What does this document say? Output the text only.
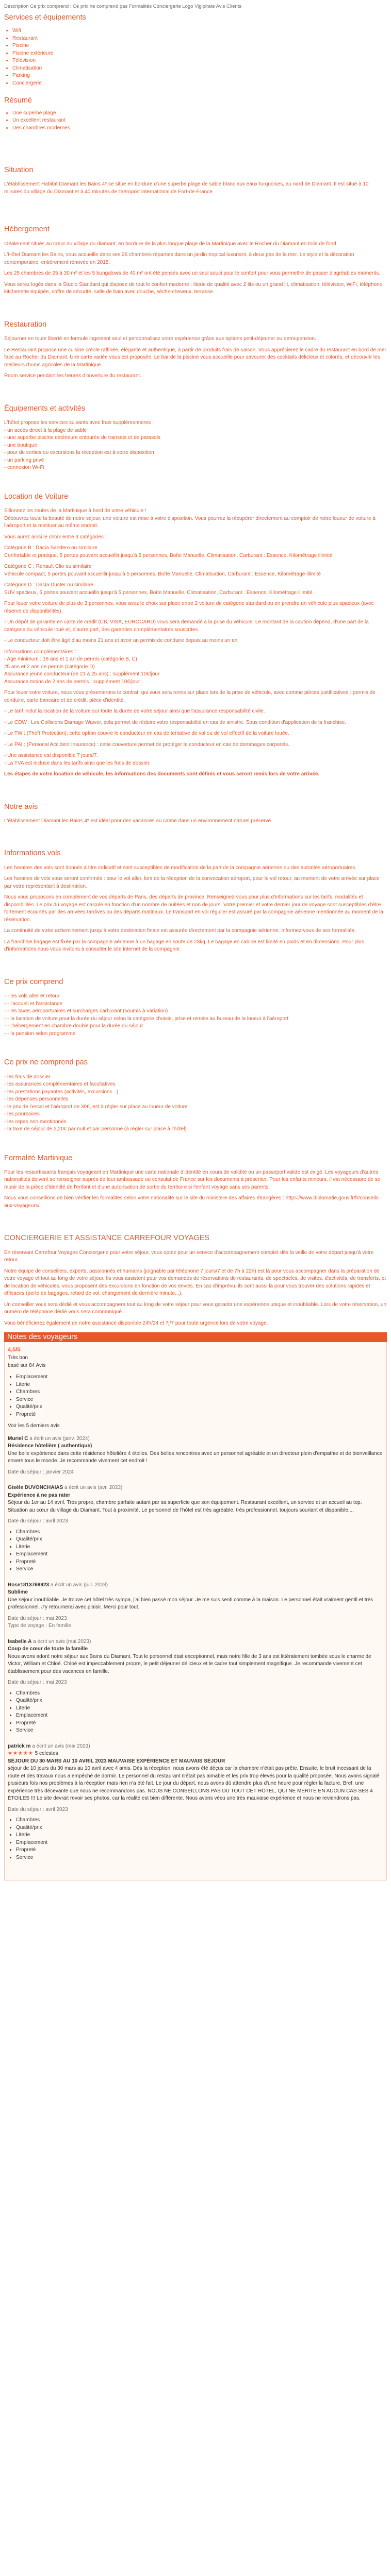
Description Ce prix comprend : Ce prix ne comprend pas Formalités Conciergerie Logo Vigipirate Avis Clients

Services et équipements
• Wifi
• Restaurant
• Piscine
• Piscine extérieure
• Télévision
• Climatisation
• Parking
• Conciergerie
Résumé
• Une superbe plage
• Un excellent restaurant
• Des chambres modernes
Situation

L'établissement Habitat Diamant les Bains 4* se situe en bordure d'une superbe plage de sable blanc aux eaux turquoises, au nord de Diamant. Il est situé à 10 minutes du village du Diamant et à 40 minutes de l'aéroport international de Fort-de-France.

Hébergement

Idéalement situés au cœur du village du diamant, en bordure de la plus longue plage de la Martinique avec le Rocher du Diamant en toile de fond.

L'Hôtel Diamant les Bains, vous accueille dans ses 26 chambres réparties dans un jardin tropical luxuriant, à deux pas de la mer. Le style et la décoration contemporaine, entièrement rénovée en 2018.

Les 25 chambres de 25 à 30 m² et les 5 bungalows de 40 m² ont été pensés avec un seul souci pour le confort pour vous permettre de passer d'agréables moments.

Vous serez logés dans la Studio Standard qui dispose de tout le confort moderne : literie de qualité avec 2 lits ou un grand lit, climatisation, télévision, WiFi, téléphone, kitchenette équipée, coffre de sécurité, salle de bain avec douche, sèche-cheveux, terrasse.

Restauration

Séjourner en toute liberté en formule logement seul et personnalisez votre expérience grâce aux options petit-déjeuner ou demi-pension.

Le Restaurant propose une cuisine créole raffinée, élégante et authentique, à partir de produits frais de saison. Vous apprécierez le cadre du restaurant en bord de mer face au Rocher du Diamant. Une carte variée vous est proposée. Le bar de la piscine vous accueille pour savourer des cocktails délicieux et colorés, et découvrir les meilleurs rhums agricoles de la Martinique.

Room service pendant les heures d'ouverture du restaurant.

Équipements et activités

L'hôtel propose les services suivants avec frais supplémentaires :

- un accès direct à la plage de sable
- une superbe piscine extérieure entourée de transats et de parasols
- une boutique
- pour de sorties ou excursions la réception est à votre disposition
- un parking privé
- connexion Wi-Fi
Location de Voiture

Sillonnez les routes de la Martinique à bord de votre véhicule !

Découvrez toute la beauté de notre séjour, une voiture est mise à votre disposition. Vous pourrez la récupérer directement au comptoir de notre loueur de voiture à l'aéroport et la restituer au même endroit.

Vous aurez ainsi le choix entre 3 catégories :

Catégorie B : Dacia Sandero ou similaire

Confortable et pratique, 5 portes pouvant accueillir jusqu'à 5 personnes, Boîte Manuelle, Climatisation, Carburant : Essence, Kilométrage illimité

Catégorie C : Renault Clio ou similaire

Véhicule compact, 5 portes pouvant accueillir jusqu'à 5 personnes, Boîte Manuelle, Climatisation, Carburant : Essence, Kilométrage illimité

Catégorie D : Dacia Duster ou similaire

SUV spacieux, 5 portes pouvant accueillir jusqu'à 5 personnes, Boîte Manuelle, Climatisation, Carburant : Essence, Kilométrage illimité

Pour louer votre voiture de plus de 3 personnes, vous avez le choix sur place entre 2 voiture de catégorie standard ou en prendre un véhicule plus spacieux (avec réserve de disponibilités).

- Un dépôt de garantie en carte de crédit (CB, VISA, EUROCARD) vous sera demandé à la prise du véhicule. Le montant de la caution dépend, d'une part de la catégorie du véhicule loué et, d'autre part, des garanties complémentaires souscrites.

- Le conducteur doit être âgé d'au moins 21 ans et avoir un permis de conduire depuis au moins un an.

Informations complémentaires :

- Age minimum : 18 ans et 1 an de permis (catégorie B, C)

25 ans et 2 ans de permis (catégorie D)

Assurance jeune conducteur (de 21 à 25 ans) : supplément 10€/jour

Assurance moins de 2 ans de permis : supplément 10€/jour

Pour louer votre voiture, nous vous présenterons le contrat, qui vous sera remis sur place lors de la prise de véhicule, avec comme pièces justificatives : permis de conduire, carte bancaire et de crédit, pièce d'identité.

- Le tarif inclut la location de la voiture sur toute la durée de votre séjour ainsi que l'assurance responsabilité civile.

- Le CDW : Les Collisions Damage Waiver, cela permet de réduire votre responsabilité en cas de sinistre. Sous condition d'application de la franchise.

- Le TW : (Theft Protection), cette option couvre le conducteur en cas de tentative de vol ou de vol effectif de la voiture louée.

- Le PAI : (Personal Accident Insurance) : cette couverture permet de protéger le conducteur en cas de dommages corporels.

- Une assistance est disponible 7 jours/7.

- La TVA est incluse dans les tarifs ainsi que les frais de dossier.

Les étapes de votre location de véhicule, les informations des documents sont définis et vous seront remis lors de votre arrivée.

Notre avis

L'établissement Diamant les Bains 4* est idéal pour des vacances au calme dans un environnement naturel préservé.

Informations vols

Les horaires des vols sont donnés à titre indicatif et sont susceptibles de modification de la part de la compagnie aérienne ou des autorités aéroportuaires.

Les horaires de vols vous seront confirmés : pour le vol aller, lors de la réception de la convocation aéroport, pour le vol retour, au moment de votre arrivée sur place par votre représentant à destination.

Nous vous proposons en complément de vos départs de Paris, des départs de province. Renseignez-vous pour plus d'informations sur les tarifs, modalités et disponibilités. Le prix du voyage est calculé en fonction d'un nombre de nuitées et non de jours. Votre premier et votre dernier jour de voyage sont susceptibles d'être fortement écourtés par des arrivées tardives ou des départs matinaux. Le transport en vol régulier est assuré par la compagnie aérienne mentionnée au moment de la réservation.

La continuité de votre acheminement jusqu'à votre destination finale est assurée directement par la compagnie aérienne. Informez-vous de ses formalités.

La franchise bagage est fixée par la compagnie aérienne à un bagage en soute de 23kg. Le bagage en cabine est limité en poids et en dimensions. Pour plus d'informations nous vous invitons à consulter le site internet de la compagnie.

Ce prix comprend
- - les vols aller et retour
- - l'accueil et l'assistance
- - les taxes aéroportuaires et surcharges carburant (soumis à variation)
- - la location de voiture pour la durée du séjour selon la catégorie choisie, prise et remise au bureau de la loueur à l'aéroport
- - l'hébergement en chambre double pour la durée du séjour
- - la pension selon programme
Ce prix ne comprend pas
- les frais de dossier
- les assurances complémentaires et facultatives
- les prestations payantes (activités, excursions...)
- les dépenses personnelles
- le prix de l'essai et l'aéroport de 30€, est à régler sur place au loueur de voiture
- les pourboires
- les repas non mentionnés
- la taxe de séjour de 2,20€ par nuit et par personne (à régler sur place à l'hôtel)
Formalité Martinique

Pour les ressortissants français voyageant en Martinique une carte nationale d'identité en cours de validité ou un passeport valide est exigé. Les voyageurs d'autres nationalités doivent se renseigner auprès de leur ambassade ou consulat de France sur les documents à présenter. Pour les enfants mineurs, il est nécessaire de se munir de la pièce d'identité de l'enfant et d'une autorisation de sortie du territoire si l'enfant voyage sans ses parents.

Nous vous conseillons de bien vérifier les formalités selon votre nationalité sur le site du ministère des affaires étrangères : https://www.diplomatie.gouv.fr/fr/conseils-aux-voyageurs/

CONCIERGERIE ET ASSISTANCE CARREFOUR VOYAGES

En réservant Carrefour Voyages Conciergerie pour votre séjour, vous optez pour un service d'accompagnement complet dès la veille de votre départ jusqu'à votre retour.

Notre équipe de conseillers, experts, passionnés et humains (joignable par téléphone 7 jours/7 et de 7h à 22h) est là pour vous accompagner dans la préparation de votre voyage et tout au long de votre séjour. Ils vous assistent pour vos demandes de réservations de restaurants, de spectacles, de visites, d'activités, de transferts, et de location de véhicules, vous proposent des excursions en fonction de vos envies. En cas d'imprévu, ils sont aussi là pour vous trouver des solutions rapides et efficaces (perte de bagages, retard de vol, changement de dernière minute...).

Un conseiller vous sera dédié et vous accompagnera tout au long de votre séjour pour vous garantir une expérience unique et inoubliable. Lors de votre réservation, un numéro de téléphone dédié vous sera communiqué.

Vous bénéficierez également de notre assistance disponible 24h/24 et 7j/7 pour toute urgence lors de votre voyage.

Notes des voyageurs
4,5/5
Très bon
basé sur 84 Avis
• Emplacement
• Literie
• Chambres
• Service
• Qualité/prix
• Propreté
Voir les 5 derniers avis
Muriel C a écrit un avis (janv. 2024)
Résidence hôtelière ( authentique)

Une belle expérience dans cette résidence hôtelière 4 étoiles. Des belles rencontres avec un personnel agréable et un directeur plein d'empathie et de bienveillance envers tous le monde. Je recommande vivement cet endroit !

Date du séjour : janvier 2024
Gisèle DUVONCHAIAS a écrit un avis (avr. 2023)
Expérience à ne pas rater

Séjour du 1er au 14 avril. Très propre, chambre parfaite autant par sa superficie que son équipement. Restaurant excellent, un service et un accueil au top. Situation au cœur du village du Diamant. Tout à proximité. Le personnel de l'hôtel est très agréable, très professionnel, toujours souriant et disponible....

Date du séjour : avril 2023
• Chambres
• Qualité/prix
• Literie
• Emplacement
• Propreté
• Service
Rose1813769923 a écrit un avis (juil. 2023)
Sublime

Une séjour inoubliable. Je trouve cet hôtel très sympa, j'ai bien passé mon séjour. Je me suis senti comme à la maison. Le personnel était vraiment gentil et très professionnel. J'y retournerai avec plaisir. Merci pour tout.

Date du séjour : mai 2023
Type de voyage : En famille
Isabelle A a écrit un avis (mai 2023)
Coup de cœur de toute la famille

Nous avons adoré notre séjour aux Bains du Diamant. Tout le personnel était exceptionnel, mais notre fille de 3 ans est littéralement tombée sous le charme de Victor, William et Chloé. Chloé est impeccablement propre, le petit déjeuner délicieux et le cadre tout simplement magnifique. Je recommande vivement cet établissement pour des vacances en famille.

Date du séjour : mai 2023
• Chambres
• Qualité/prix
• Literie
• Emplacement
• Propreté
• Service
patrick m a écrit un avis (mai 2023)
★★★★★ 5 celestes
SÉJOUR DU 30 MARS AU 10 AVRIL 2023 MAUVAISE EXPÉRIENCE ET MAUVAIS SÉJOUR

séjour de 10 jours du 30 mars au 10 avril avec 4 amis. Dès la réception, nous avons été déçus car la chambre n'était pas prête. Ensuite, le bruit incessant de la route et des travaux nous a empêché de dormir. Le personnel du restaurant n'était pas aimable et les prix trop élevés pour la qualité proposée. Nous avons signalé plusieurs fois nos problèmes à la réception mais rien n'a été fait. Le jour du départ, nous avons dû attendre plus d'une heure pour régler la facture. Bref, une expérience très décevante que nous ne recommandons pas. NOUS NE CONSEILLONS PAS DU TOUT CET HÔTEL, QUI NE MÉRITE EN AUCUN CAS SES 4 ÉTOILES !!! Le site devrait revoir ses photos, car la réalité est bien différente. Nous avons vécu une très mauvaise expérience et nous ne reviendrons pas.

Date du séjour : avril 2023
• Chambres
• Qualité/prix
• Literie
• Emplacement
• Propreté
• Service
